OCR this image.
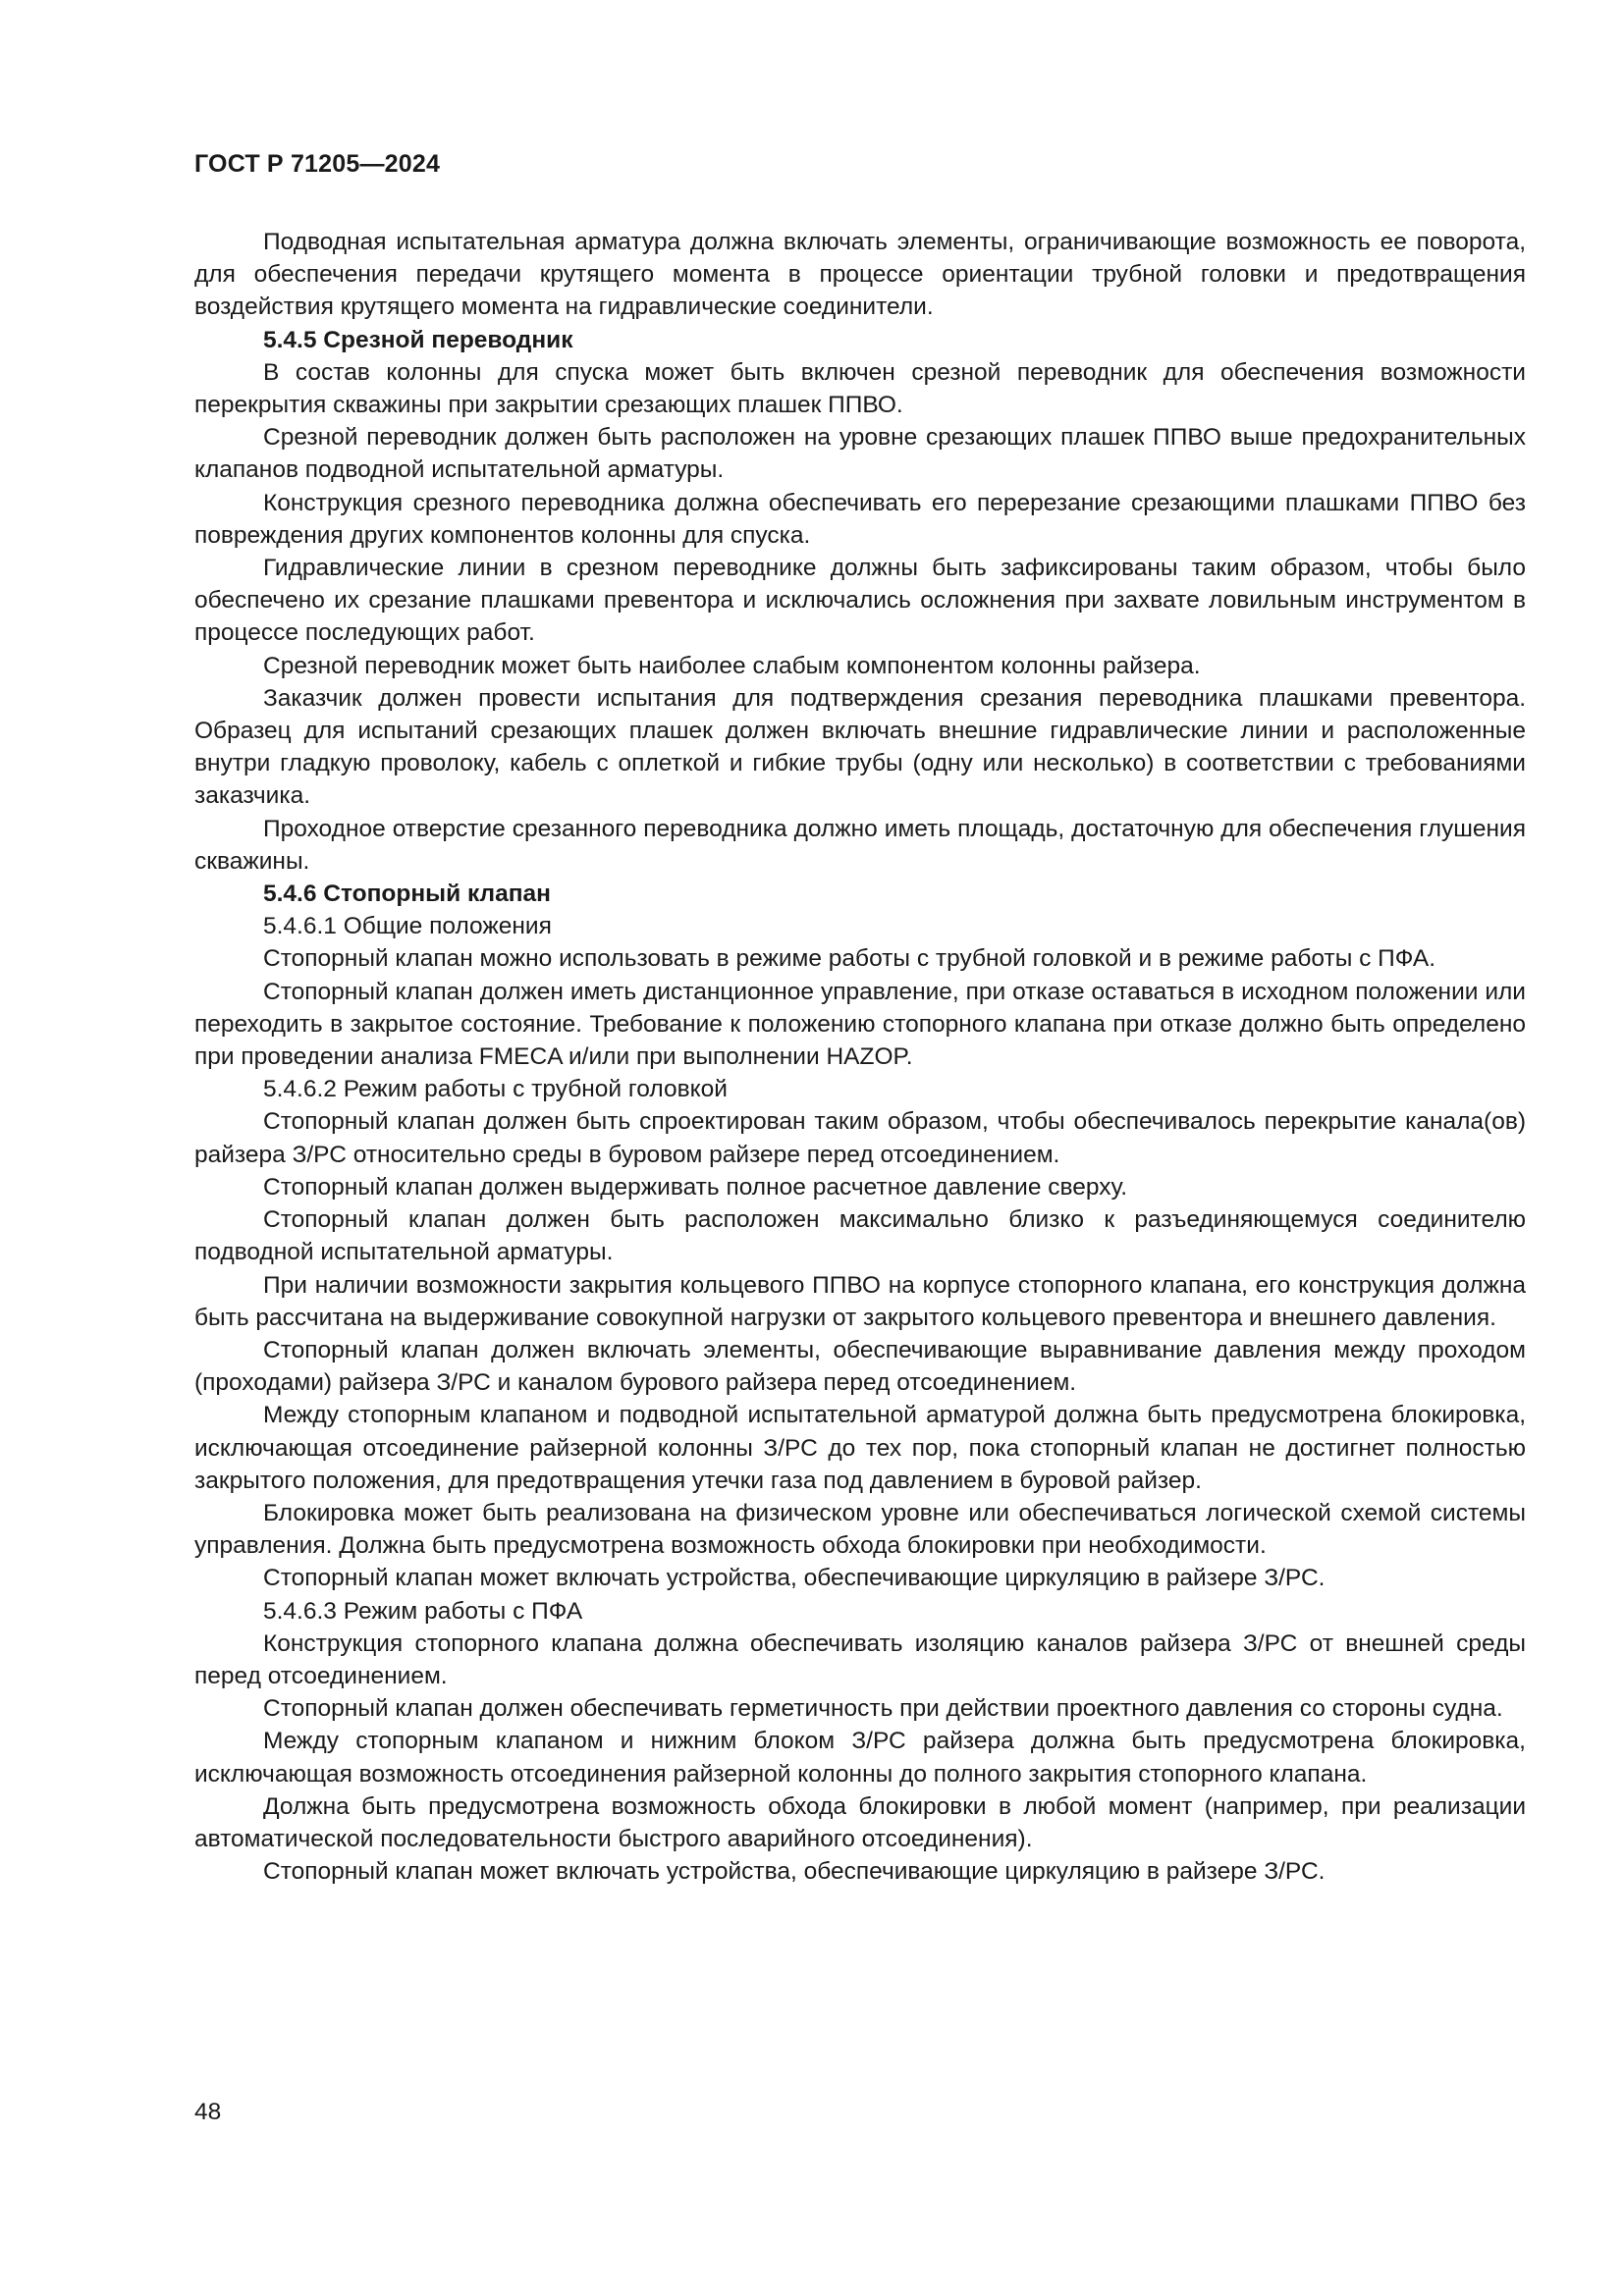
ГОСТ Р 71205—2024

Подводная испытательная арматура должна включать элементы, ограничивающие возможность ее поворота, для обеспечения передачи крутящего момента в процессе ориентации трубной головки и предотвращения воздействия крутящего момента на гидравлические соединители.

5.4.5 Срезной переводник

В состав колонны для спуска может быть включен срезной переводник для обеспечения возможности перекрытия скважины при закрытии срезающих плашек ППВО.

Срезной переводник должен быть расположен на уровне срезающих плашек ППВО выше предохранительных клапанов подводной испытательной арматуры.

Конструкция срезного переводника должна обеспечивать его перерезание срезающими плашками ППВО без повреждения других компонентов колонны для спуска.

Гидравлические линии в срезном переводнике должны быть зафиксированы таким образом, чтобы было обеспечено их срезание плашками превентора и исключались осложнения при захвате ловильным инструментом в процессе последующих работ.

Срезной переводник может быть наиболее слабым компонентом колонны райзера.

Заказчик должен провести испытания для подтверждения срезания переводника плашками превентора. Образец для испытаний срезающих плашек должен включать внешние гидравлические линии и расположенные внутри гладкую проволоку, кабель с оплеткой и гибкие трубы (одну или несколько) в соответствии с требованиями заказчика.

Проходное отверстие срезанного переводника должно иметь площадь, достаточную для обеспечения глушения скважины.

5.4.6 Стопорный клапан

5.4.6.1 Общие положения

Стопорный клапан можно использовать в режиме работы с трубной головкой и в режиме работы с ПФА.

Стопорный клапан должен иметь дистанционное управление, при отказе оставаться в исходном положении или переходить в закрытое состояние. Требование к положению стопорного клапана при отказе должно быть определено при проведении анализа FMECA и/или при выполнении HAZOP.

5.4.6.2 Режим работы с трубной головкой

Стопорный клапан должен быть спроектирован таким образом, чтобы обеспечивалось перекрытие канала(ов) райзера З/РС относительно среды в буровом райзере перед отсоединением.

Стопорный клапан должен выдерживать полное расчетное давление сверху.

Стопорный клапан должен быть расположен максимально близко к разъединяющемуся соединителю подводной испытательной арматуры.

При наличии возможности закрытия кольцевого ППВО на корпусе стопорного клапана, его конструкция должна быть рассчитана на выдерживание совокупной нагрузки от закрытого кольцевого превентора и внешнего давления.

Стопорный клапан должен включать элементы, обеспечивающие выравнивание давления между проходом (проходами) райзера З/РС и каналом бурового райзера перед отсоединением.

Между стопорным клапаном и подводной испытательной арматурой должна быть предусмотрена блокировка, исключающая отсоединение райзерной колонны З/РС до тех пор, пока стопорный клапан не достигнет полностью закрытого положения, для предотвращения утечки газа под давлением в буровой райзер.

Блокировка может быть реализована на физическом уровне или обеспечиваться логической схемой системы управления. Должна быть предусмотрена возможность обхода блокировки при необходимости.

Стопорный клапан может включать устройства, обеспечивающие циркуляцию в райзере З/РС.

5.4.6.3 Режим работы с ПФА

Конструкция стопорного клапана должна обеспечивать изоляцию каналов райзера З/РС от внешней среды перед отсоединением.

Стопорный клапан должен обеспечивать герметичность при действии проектного давления со стороны судна.

Между стопорным клапаном и нижним блоком З/РС райзера должна быть предусмотрена блокировка, исключающая возможность отсоединения райзерной колонны до полного закрытия стопорного клапана.

Должна быть предусмотрена возможность обхода блокировки в любой момент (например, при реализации автоматической последовательности быстрого аварийного отсоединения).

Стопорный клапан может включать устройства, обеспечивающие циркуляцию в райзере З/РС.

48
